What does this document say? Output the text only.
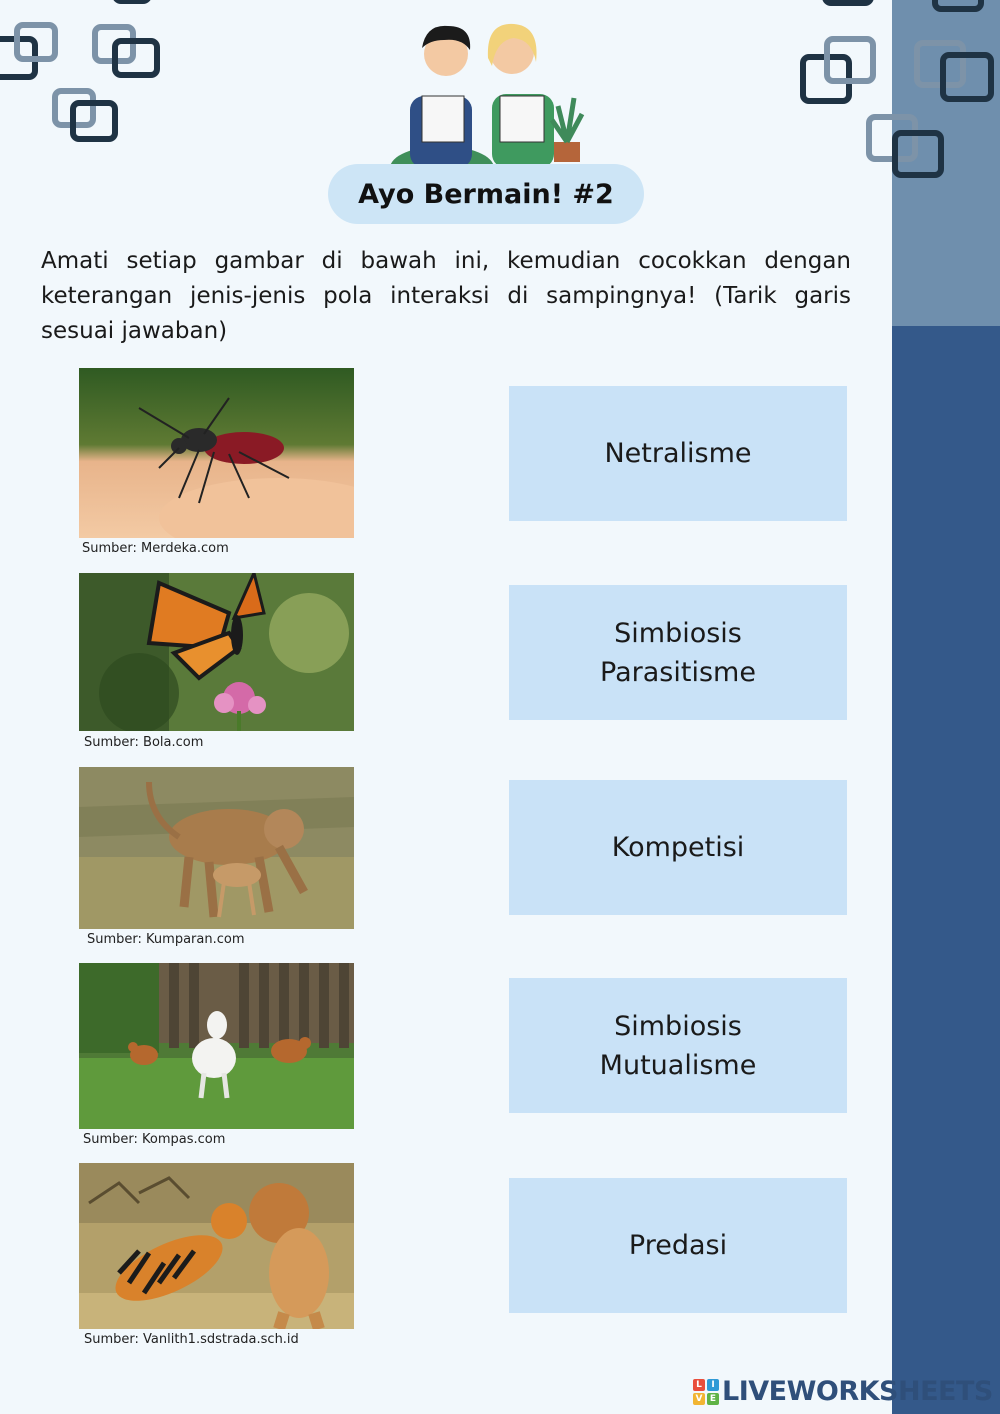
Ayo Bermain! #2
Amati setiap gambar di bawah ini, kemudian cocokkan dengan keterangan jenis-jenis pola interaksi di sampingnya! (Tarik garis sesuai jawaban)
Sumber: Merdeka.com
Sumber: Bola.com
Sumber: Kumparan.com
Sumber: Kompas.com
Sumber: Vanlith1.sdstrada.sch.id
Netralisme
Simbiosis
Parasitisme
Kompetisi
Simbiosis
Mutualisme
Predasi
L	I
V E LIVEWORKSHEETS
